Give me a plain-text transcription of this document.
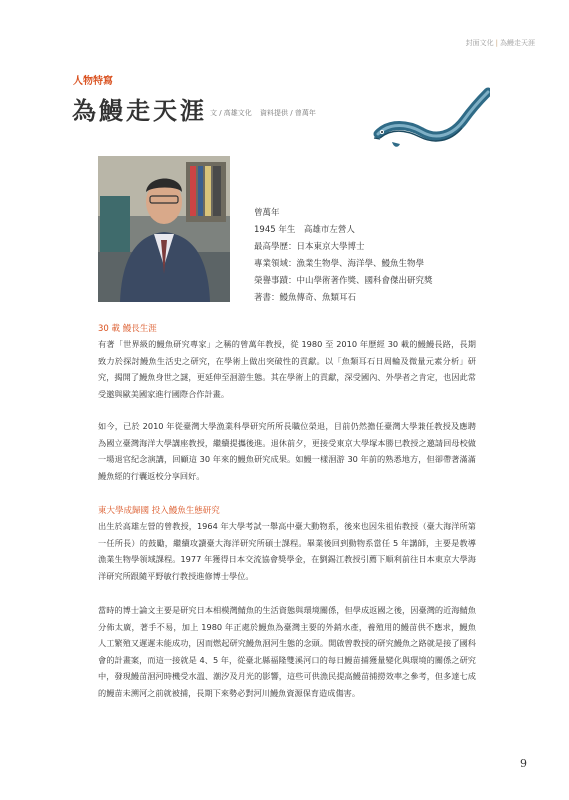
封面文化 | 為鰻走天涯
人物特寫
為鰻走天涯 文 / 高雄文化 資料提供 / 曾萬年
曾萬年
1945 年生　高雄市左營人
最高學歷：日本東京大學博士
專業領域：漁業生物學、海洋學、鰻魚生物學
榮譽事蹟：中山學術著作獎、國科會傑出研究獎
著書：鰻魚傳奇、魚類耳石
30 載 鰻長生涯
有著「世界級的鰻魚研究專家」之稱的曾萬年教授，從 1980 至 2010 年歷經 30 載的鰻鰻長路，長期致力於探討鰻魚生活史之研究，在學術上做出突破性的貢獻。以「魚類耳石日周輪及微量元素分析」研究，揭開了鰻魚身世之謎，更延伸至洄游生態。其在學術上的貢獻，深受國內、外學者之肯定，也因此常受邀與歐美國家進行國際合作計畫。
如今，已於 2010 年從臺灣大學漁業科學研究所所長職位榮退，目前仍然擔任臺灣大學兼任教授及應聘為國立臺灣海洋大學講座教授，繼續提攜後進。退休前夕，更接受東京大學塚本勝巳教授之邀請回母校做一場退官紀念演講，回顧這 30 年來的鰻魚研究成果。如鰻一樣洄游 30 年前的熟悉地方，但卻帶著滿滿鰻魚經的行囊返校分享回好。
東大學成歸國 投入鰻魚生態研究
出生於高雄左營的曾教授，1964 年大學考試一舉高中臺大動物系，後來也因朱祖佑教授（臺大海洋所第一任所長）的鼓勵，繼續攻讀臺大海洋研究所碩士課程。畢業後回到動物系當任 5 年講師，主要是教導漁業生物學領域課程。1977 年獲得日本交流協會獎學金，在劉錫江教授引薦下順利前往日本東京大學海洋研究所跟隨平野敏行教授進修博士學位。
當時的博士論文主要是研究日本相模灣鯖魚的生活資態與環境關係，但學成返國之後，因臺灣的近海鯖魚分佈太廣，著手不易，加上 1980 年正處於鰻魚為臺灣主要的外銷水產，養殖用的鰻苗供不應求，鰻魚人工繁殖又遲遲未能成功，因而燃起研究鰻魚洄河生態的念頭。開啟曾教授的研究鰻魚之路就是接了國科會的計畫案，而這一接就是 4、5 年，從臺北縣福隆雙溪河口的每日鰻苗捕獲量變化與環境的關係之研究中，發現鰻苗洄河時機受水溫、潮汐及月光的影響，這些可供漁民提高鰻苗捕撈效率之參考，但多達七成的鰻苗未溯河之前就被捕，長期下來勢必對河川鰻魚資源保育造成傷害。
9
